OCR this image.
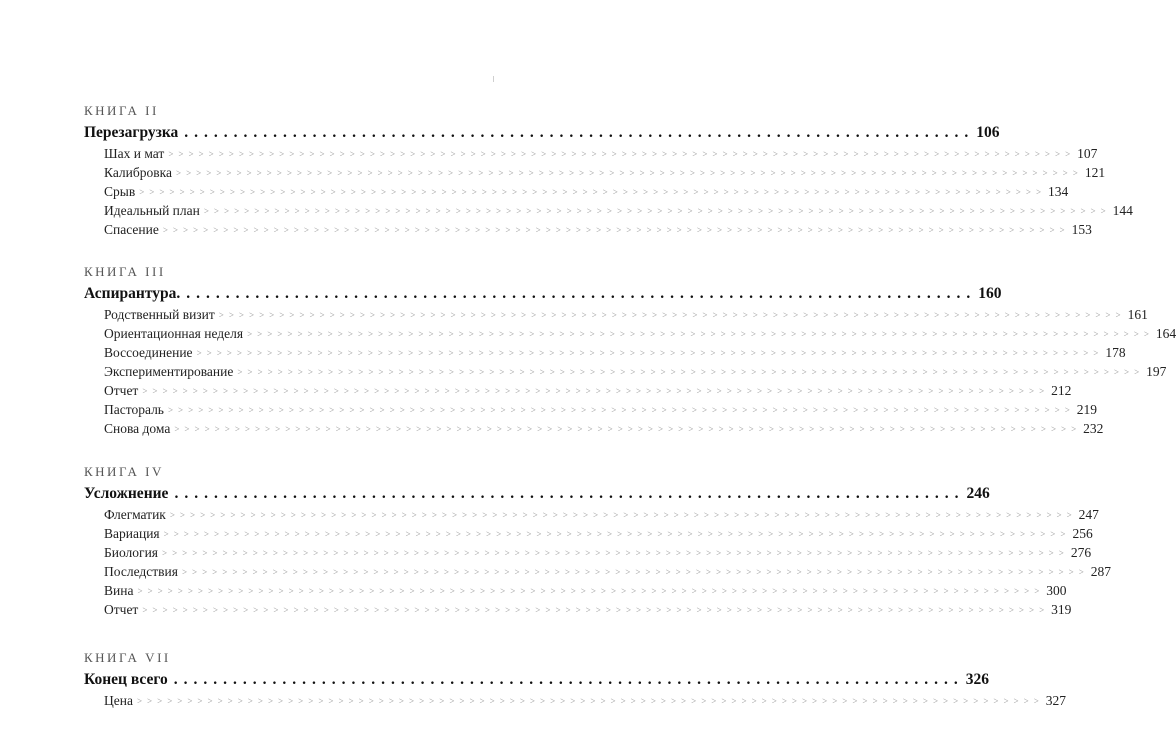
КНИГА II
Перезагрузка ................................................................................ 106
Шах и мат >>>>>>>>>>>>>>>>>>>>>>>>>>>>>>>>>>>>>>>>>>>>>>>>>>>>>>>>>>>>>>>>>>>>>>>>>>>>>>>>>>>>>>>>>> 107
Калибровка >>>>>>>>>>>>>>>>>>>>>>>>>>>>>>>>>>>>>>>>>>>>>>>>>>>>>>>>>>>>>>>>>>>>>>>>>>>>>>>>>>>>>>>>>> 121
Срыв >>>>>>>>>>>>>>>>>>>>>>>>>>>>>>>>>>>>>>>>>>>>>>>>>>>>>>>>>>>>>>>>>>>>>>>>>>>>>>>>>>>>>>>>>> 134
Идеальный план >>>>>>>>>>>>>>>>>>>>>>>>>>>>>>>>>>>>>>>>>>>>>>>>>>>>>>>>>>>>>>>>>>>>>>>>>>>>>>>>>>>>>>>>>> 144
Спасение >>>>>>>>>>>>>>>>>>>>>>>>>>>>>>>>>>>>>>>>>>>>>>>>>>>>>>>>>>>>>>>>>>>>>>>>>>>>>>>>>>>>>>>>>> 153
КНИГА III
Аспирантура. ................................................................................ 160
Родственный визит >>>>>>>>>>>>>>>>>>>>>>>>>>>>>>>>>>>>>>>>>>>>>>>>>>>>>>>>>>>>>>>>>>>>>>>>>>>>>>>>>>>>>>>>>> 161
Ориентационная неделя >>>>>>>>>>>>>>>>>>>>>>>>>>>>>>>>>>>>>>>>>>>>>>>>>>>>>>>>>>>>>>>>>>>>>>>>>>>>>>>>>>>>>>>>>> 164
Воссоединение >>>>>>>>>>>>>>>>>>>>>>>>>>>>>>>>>>>>>>>>>>>>>>>>>>>>>>>>>>>>>>>>>>>>>>>>>>>>>>>>>>>>>>>>>> 178
Экспериментирование >>>>>>>>>>>>>>>>>>>>>>>>>>>>>>>>>>>>>>>>>>>>>>>>>>>>>>>>>>>>>>>>>>>>>>>>>>>>>>>>>>>>>>>>>> 197
Отчет >>>>>>>>>>>>>>>>>>>>>>>>>>>>>>>>>>>>>>>>>>>>>>>>>>>>>>>>>>>>>>>>>>>>>>>>>>>>>>>>>>>>>>>>>> 212
Пастораль >>>>>>>>>>>>>>>>>>>>>>>>>>>>>>>>>>>>>>>>>>>>>>>>>>>>>>>>>>>>>>>>>>>>>>>>>>>>>>>>>>>>>>>>>> 219
Снова дома >>>>>>>>>>>>>>>>>>>>>>>>>>>>>>>>>>>>>>>>>>>>>>>>>>>>>>>>>>>>>>>>>>>>>>>>>>>>>>>>>>>>>>>>>> 232
КНИГА IV
Усложнение ................................................................................ 246
Флегматик >>>>>>>>>>>>>>>>>>>>>>>>>>>>>>>>>>>>>>>>>>>>>>>>>>>>>>>>>>>>>>>>>>>>>>>>>>>>>>>>>>>>>>>>>> 247
Вариация >>>>>>>>>>>>>>>>>>>>>>>>>>>>>>>>>>>>>>>>>>>>>>>>>>>>>>>>>>>>>>>>>>>>>>>>>>>>>>>>>>>>>>>>>> 256
Биология >>>>>>>>>>>>>>>>>>>>>>>>>>>>>>>>>>>>>>>>>>>>>>>>>>>>>>>>>>>>>>>>>>>>>>>>>>>>>>>>>>>>>>>>>> 276
Последствия >>>>>>>>>>>>>>>>>>>>>>>>>>>>>>>>>>>>>>>>>>>>>>>>>>>>>>>>>>>>>>>>>>>>>>>>>>>>>>>>>>>>>>>>>> 287
Вина >>>>>>>>>>>>>>>>>>>>>>>>>>>>>>>>>>>>>>>>>>>>>>>>>>>>>>>>>>>>>>>>>>>>>>>>>>>>>>>>>>>>>>>>>> 300
Отчет >>>>>>>>>>>>>>>>>>>>>>>>>>>>>>>>>>>>>>>>>>>>>>>>>>>>>>>>>>>>>>>>>>>>>>>>>>>>>>>>>>>>>>>>>> 319
КНИГА VII
Конец всего ................................................................................ 326
Цена >>>>>>>>>>>>>>>>>>>>>>>>>>>>>>>>>>>>>>>>>>>>>>>>>>>>>>>>>>>>>>>>>>>>>>>>>>>>>>>>>>>>>>>>>> 327
